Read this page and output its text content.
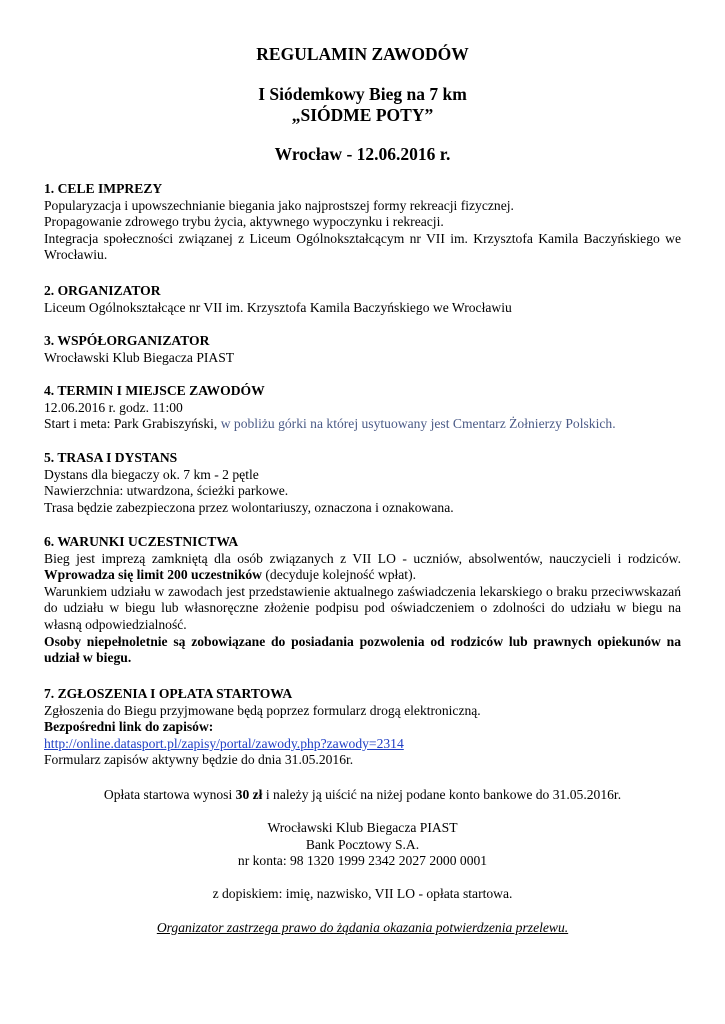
REGULAMIN ZAWODÓW
I Siódemkowy Bieg na 7 km
„SIÓDME POTY”
Wrocław - 12.06.2016 r.
1. CELE IMPREZY

Popularyzacja i upowszechnianie biegania jako najprostszej formy rekreacji fizycznej.

Propagowanie zdrowego trybu życia, aktywnego wypoczynku i rekreacji.

Integracja społeczności związanej z Liceum Ogólnokształcącym nr VII im. Krzysztofa Kamila Baczyńskiego we Wrocławiu.

2. ORGANIZATOR

Liceum Ogólnokształcące nr VII im. Krzysztofa Kamila Baczyńskiego we Wrocławiu

3. WSPÓŁORGANIZATOR

Wrocławski Klub Biegacza PIAST

4. TERMIN I MIEJSCE ZAWODÓW

12.06.2016 r. godz. 11:00

Start i meta: Park Grabiszyński, w pobliżu górki na której usytuowany jest Cmentarz Żołnierzy Polskich.

5. TRASA I DYSTANS

Dystans dla biegaczy ok. 7 km - 2 pętle

Nawierzchnia: utwardzona, ścieżki parkowe.

Trasa będzie zabezpieczona przez wolontariuszy, oznaczona i oznakowana.

6. WARUNKI UCZESTNICTWA

Bieg jest imprezą zamkniętą dla osób związanych z VII LO - uczniów, absolwentów, nauczycieli i rodziców. Wprowadza się limit 200 uczestników (decyduje kolejność wpłat).

Warunkiem udziału w zawodach jest przedstawienie aktualnego zaświadczenia lekarskiego o braku przeciwwskazań do udziału w biegu lub własnoręczne złożenie podpisu pod oświadczeniem o zdolności do udziału w biegu na własną odpowiedzialność.

Osoby niepełnoletnie są zobowiązane do posiadania pozwolenia od rodziców lub prawnych opiekunów na udział w biegu.

7. ZGŁOSZENIA I OPŁATA STARTOWA

Zgłoszenia do Biegu przyjmowane będą poprzez formularz drogą elektroniczną.

Bezpośredni link do zapisów:

http://online.datasport.pl/zapisy/portal/zawody.php?zawody=2314

Formularz zapisów aktywny będzie do dnia 31.05.2016r.

Opłata startowa wynosi 30 zł i należy ją uiścić na niżej podane konto bankowe do 31.05.2016r.

Wrocławski Klub Biegacza PIAST

Bank Pocztowy S.A.

nr konta: 98 1320 1999 2342 2027 2000 0001

z dopiskiem: imię, nazwisko, VII LO - opłata startowa.

Organizator zastrzega prawo do żądania okazania potwierdzenia przelewu.
